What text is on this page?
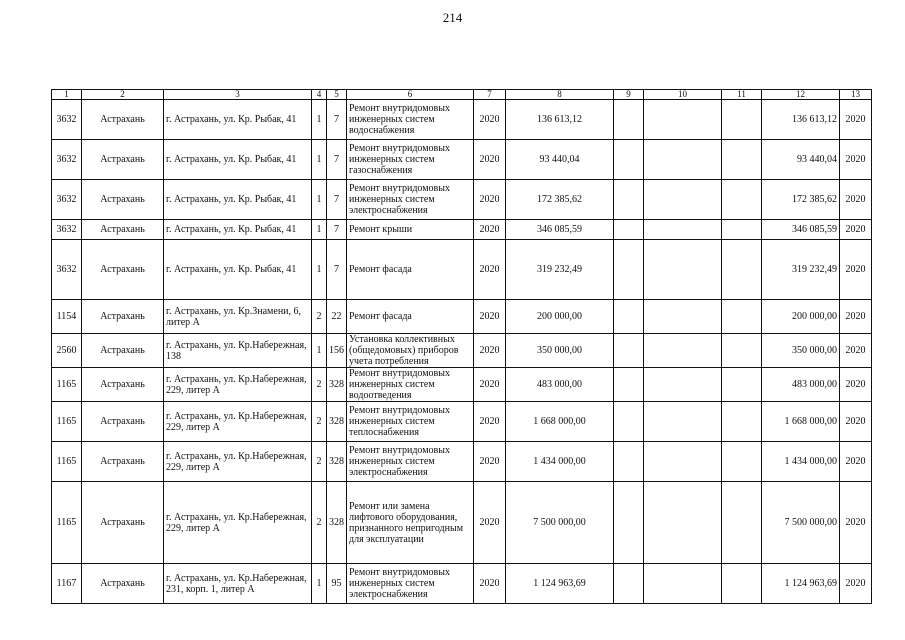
214
1	2	3	4	5	6	7	8	9	10	11	12	13
3632	Астрахань	г. Астрахань, ул. Кр. Рыбак, 41	1	7	Ремонт внутридомовых инженерных систем водоснабжения	2020	136 613,12				136 613,12	2020
3632	Астрахань	г. Астрахань, ул. Кр. Рыбак, 41	1	7	Ремонт внутридомовых инженерных систем газоснабжения	2020	93 440,04				93 440,04	2020
3632	Астрахань	г. Астрахань, ул. Кр. Рыбак, 41	1	7	Ремонт внутридомовых инженерных систем электроснабжения	2020	172 385,62				172 385,62	2020
3632	Астрахань	г. Астрахань, ул. Кр. Рыбак, 41	1	7	Ремонт крыши	2020	346 085,59				346 085,59	2020
3632	Астрахань	г. Астрахань, ул. Кр. Рыбак, 41	1	7	Ремонт фасада	2020	319 232,49				319 232,49	2020
1154	Астрахань	г. Астрахань, ул. Кр.Знамени, 6, литер А	2	22	Ремонт фасада	2020	200 000,00				200 000,00	2020
2560	Астрахань	г. Астрахань, ул. Кр.Набережная, 138	1	156	Установка коллективных (общедомовых) приборов учета потребления	2020	350 000,00				350 000,00	2020
1165	Астрахань	г. Астрахань, ул. Кр.Набережная, 229, литер А	2	328	Ремонт внутридомовых инженерных систем водоотведения	2020	483 000,00				483 000,00	2020
1165	Астрахань	г. Астрахань, ул. Кр.Набережная, 229, литер А	2	328	Ремонт внутридомовых инженерных систем теплоснабжения	2020	1 668 000,00				1 668 000,00	2020
1165	Астрахань	г. Астрахань, ул. Кр.Набережная, 229, литер А	2	328	Ремонт внутридомовых инженерных систем электроснабжения	2020	1 434 000,00				1 434 000,00	2020
1165	Астрахань	г. Астрахань, ул. Кр.Набережная, 229, литер А	2	328	Ремонт или замена лифтового оборудования, признанного непригодным для эксплуатации	2020	7 500 000,00				7 500 000,00	2020
1167	Астрахань	г. Астрахань, ул. Кр.Набережная, 231, корп. 1, литер А	1	95	Ремонт внутридомовых инженерных систем электроснабжения	2020	1 124 963,69				1 124 963,69	2020
